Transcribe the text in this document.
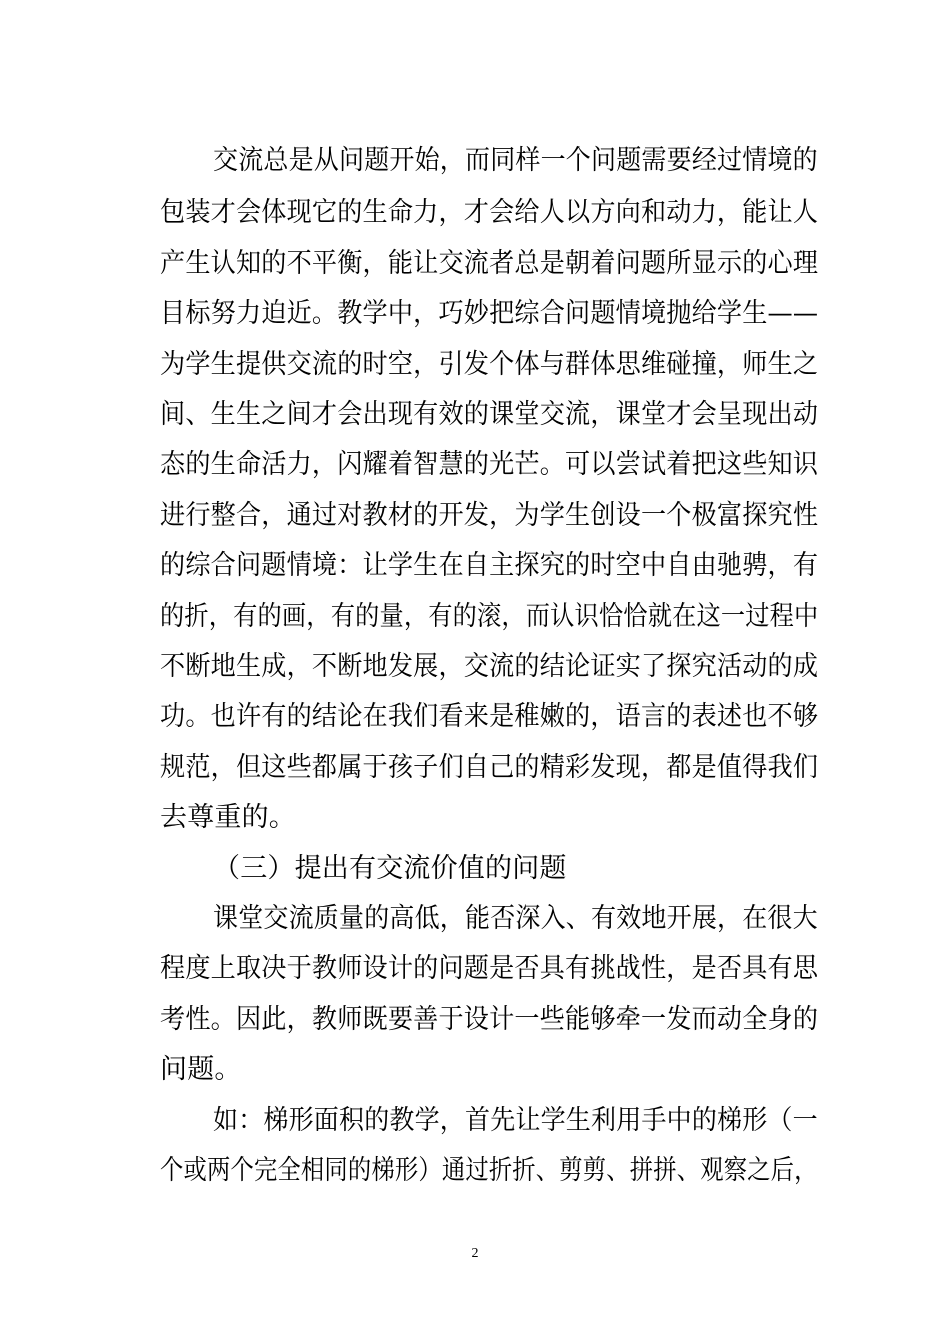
交流总是从问题开始，而同样一个问题需要经过情境的
包装才会体现它的生命力，才会给人以方向和动力，能让人
产生认知的不平衡，能让交流者总是朝着问题所显示的心理
目标努力迫近。教学中，巧妙把综合问题情境抛给学生——
为学生提供交流的时空，引发个体与群体思维碰撞，师生之
间、生生之间才会出现有效的课堂交流，课堂才会呈现出动
态的生命活力，闪耀着智慧的光芒。可以尝试着把这些知识
进行整合，通过对教材的开发，为学生创设一个极富探究性
的综合问题情境：让学生在自主探究的时空中自由驰骋，有
的折，有的画，有的量，有的滚，而认识恰恰就在这一过程中
不断地生成，不断地发展，交流的结论证实了探究活动的成
功。也许有的结论在我们看来是稚嫩的，语言的表述也不够
规范，但这些都属于孩子们自己的精彩发现，都是值得我们
去尊重的。
（三）提出有交流价值的问题
课堂交流质量的高低，能否深入、有效地开展，在很大
程度上取决于教师设计的问题是否具有挑战性，是否具有思
考性。因此，教师既要善于设计一些能够牵一发而动全身的
问题。
如：梯形面积的教学，首先让学生利用手中的梯形（一
个或两个完全相同的梯形）通过折折、剪剪、拼拼、观察之后，
2
